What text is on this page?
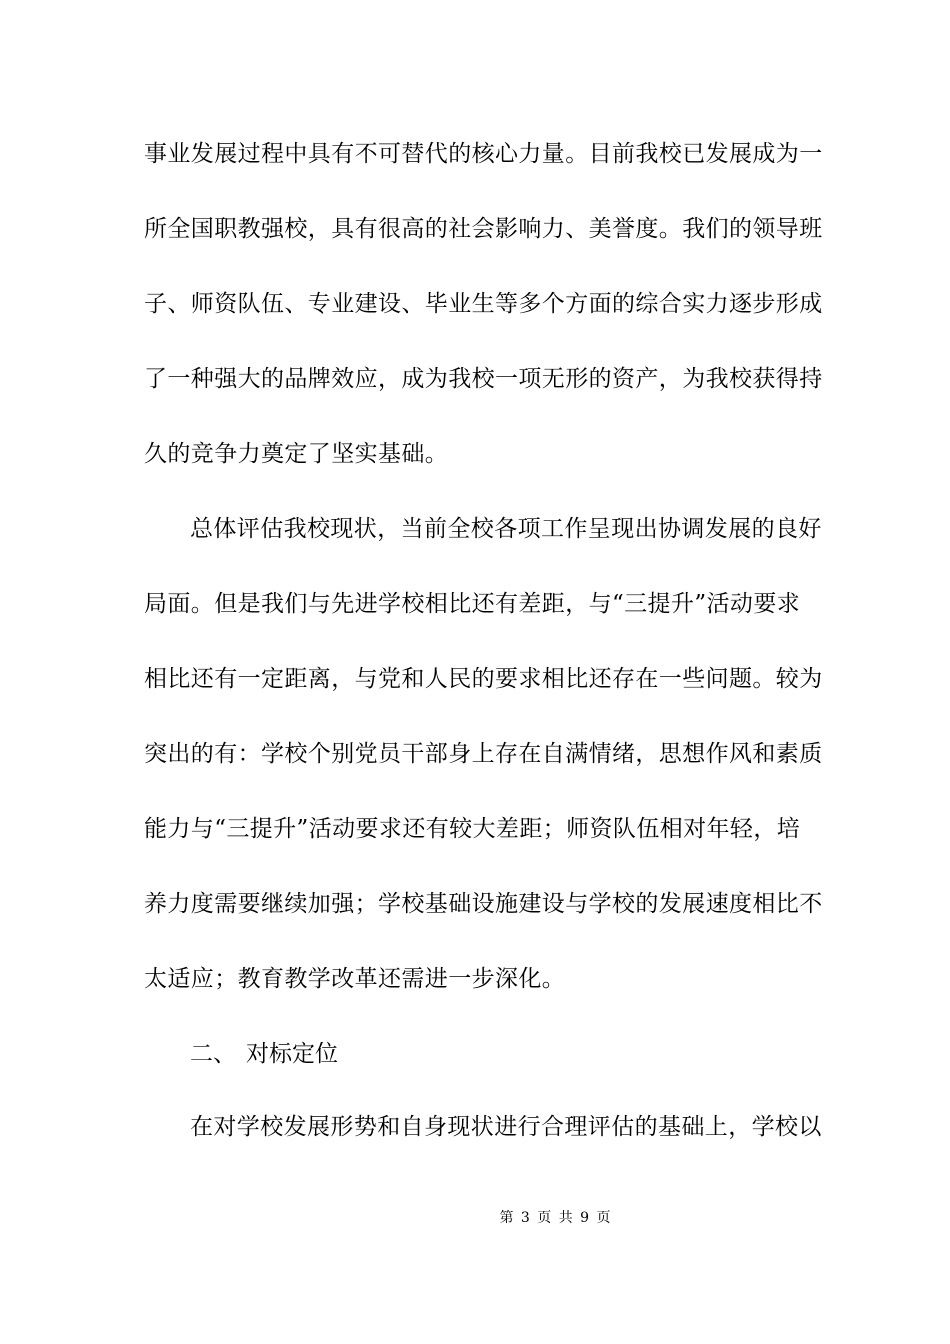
事业发展过程中具有不可替代的核心力量。目前我校已发展成为一
所全国职教强校，具有很高的社会影响力、美誉度。我们的领导班
子、师资队伍、专业建设、毕业生等多个方面的综合实力逐步形成
了一种强大的品牌效应，成为我校一项无形的资产，为我校获得持
久的竞争力奠定了坚实基础。
总体评估我校现状，当前全校各项工作呈现出协调发展的良好
局面。但是我们与先进学校相比还有差距，与“三提升”活动要求
相比还有一定距离，与党和人民的要求相比还存在一些问题。较为
突出的有：学校个别党员干部身上存在自满情绪，思想作风和素质
能力与“三提升”活动要求还有较大差距；师资队伍相对年轻，培
养力度需要继续加强；学校基础设施建设与学校的发展速度相比不
太适应；教育教学改革还需进一步深化。
二、 对标定位
在对学校发展形势和自身现状进行合理评估的基础上，学校以
第 3 页 共 9 页
